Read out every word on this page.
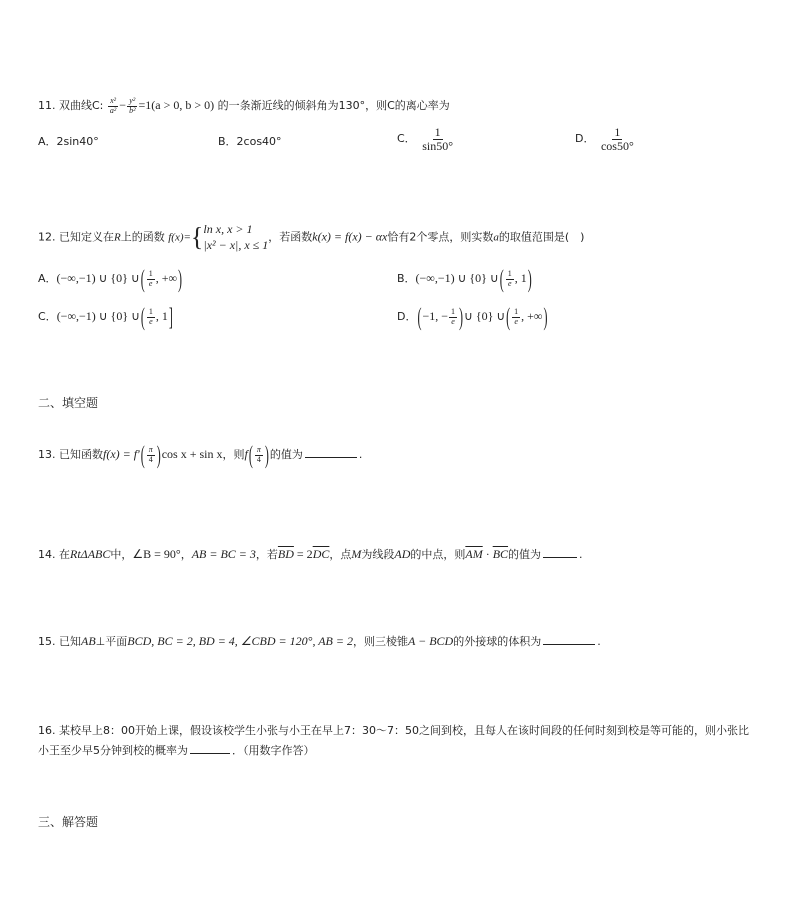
11. 双曲线C: $\frac{\text{x²}}{\text{a²}} - \frac{\text{y²}}{\text{b²}} =1(a > 0$, b > 0) 的一条渐近线的倾斜角为130°，则C的离心率为
A．2sin40°	B．2cos40°	C． $\frac{1}{\sin 50^\circ}$	D． $\frac{1}{\cos 50^\circ}$
12. 已知定义在R上的函数 f(x)={ ln x, x > 1
|x² − x|, x ≤ 1
，若函数k(x) = f(x) − αx恰有2个零点，则实数a的取值范围是(　)
A．(−∞,−1) ∪ {0} ∪( $\frac{1}{e}$ , +∞)	B．(−∞,−1) ∪ {0} ∪( $\frac{1}{e}$ , 1)
C．(−∞,−1) ∪ {0} ∪( $\frac{1}{e}$ , 1]	D．(−1, − $\frac{1}{e}$ )∪ {0} ∪( $\frac{1}{e}$ , +∞)
二、填空题
13. 已知函数$f(x) = f'( \frac{\pi}{4} )\cos$ x + sin x，则$f( \frac{\pi}{4}$ )的值为	.
14. 在RtΔABC中，∠B = 90°，AB = BC = 3，若$\overline{BD} = 2\overline{DC}$，点M为线段AD的中点，则$\overline{AM} \cdot \overline{BC}$的值为	.
15. 已知AB⊥平面BCD, BC = 2, BD = 4, ∠CBD = 120°, AB = 2，则三棱锥A − BCD的外接球的体积为	.
16. 某校早上8：00开始上课，假设该校学生小张与小王在早上7：30～7：50之间到校，且每人在该时间段的任何时刻到校是等可能的，则小张比
小王至少早5分钟到校的概率为	．（用数字作答）
三、解答题
